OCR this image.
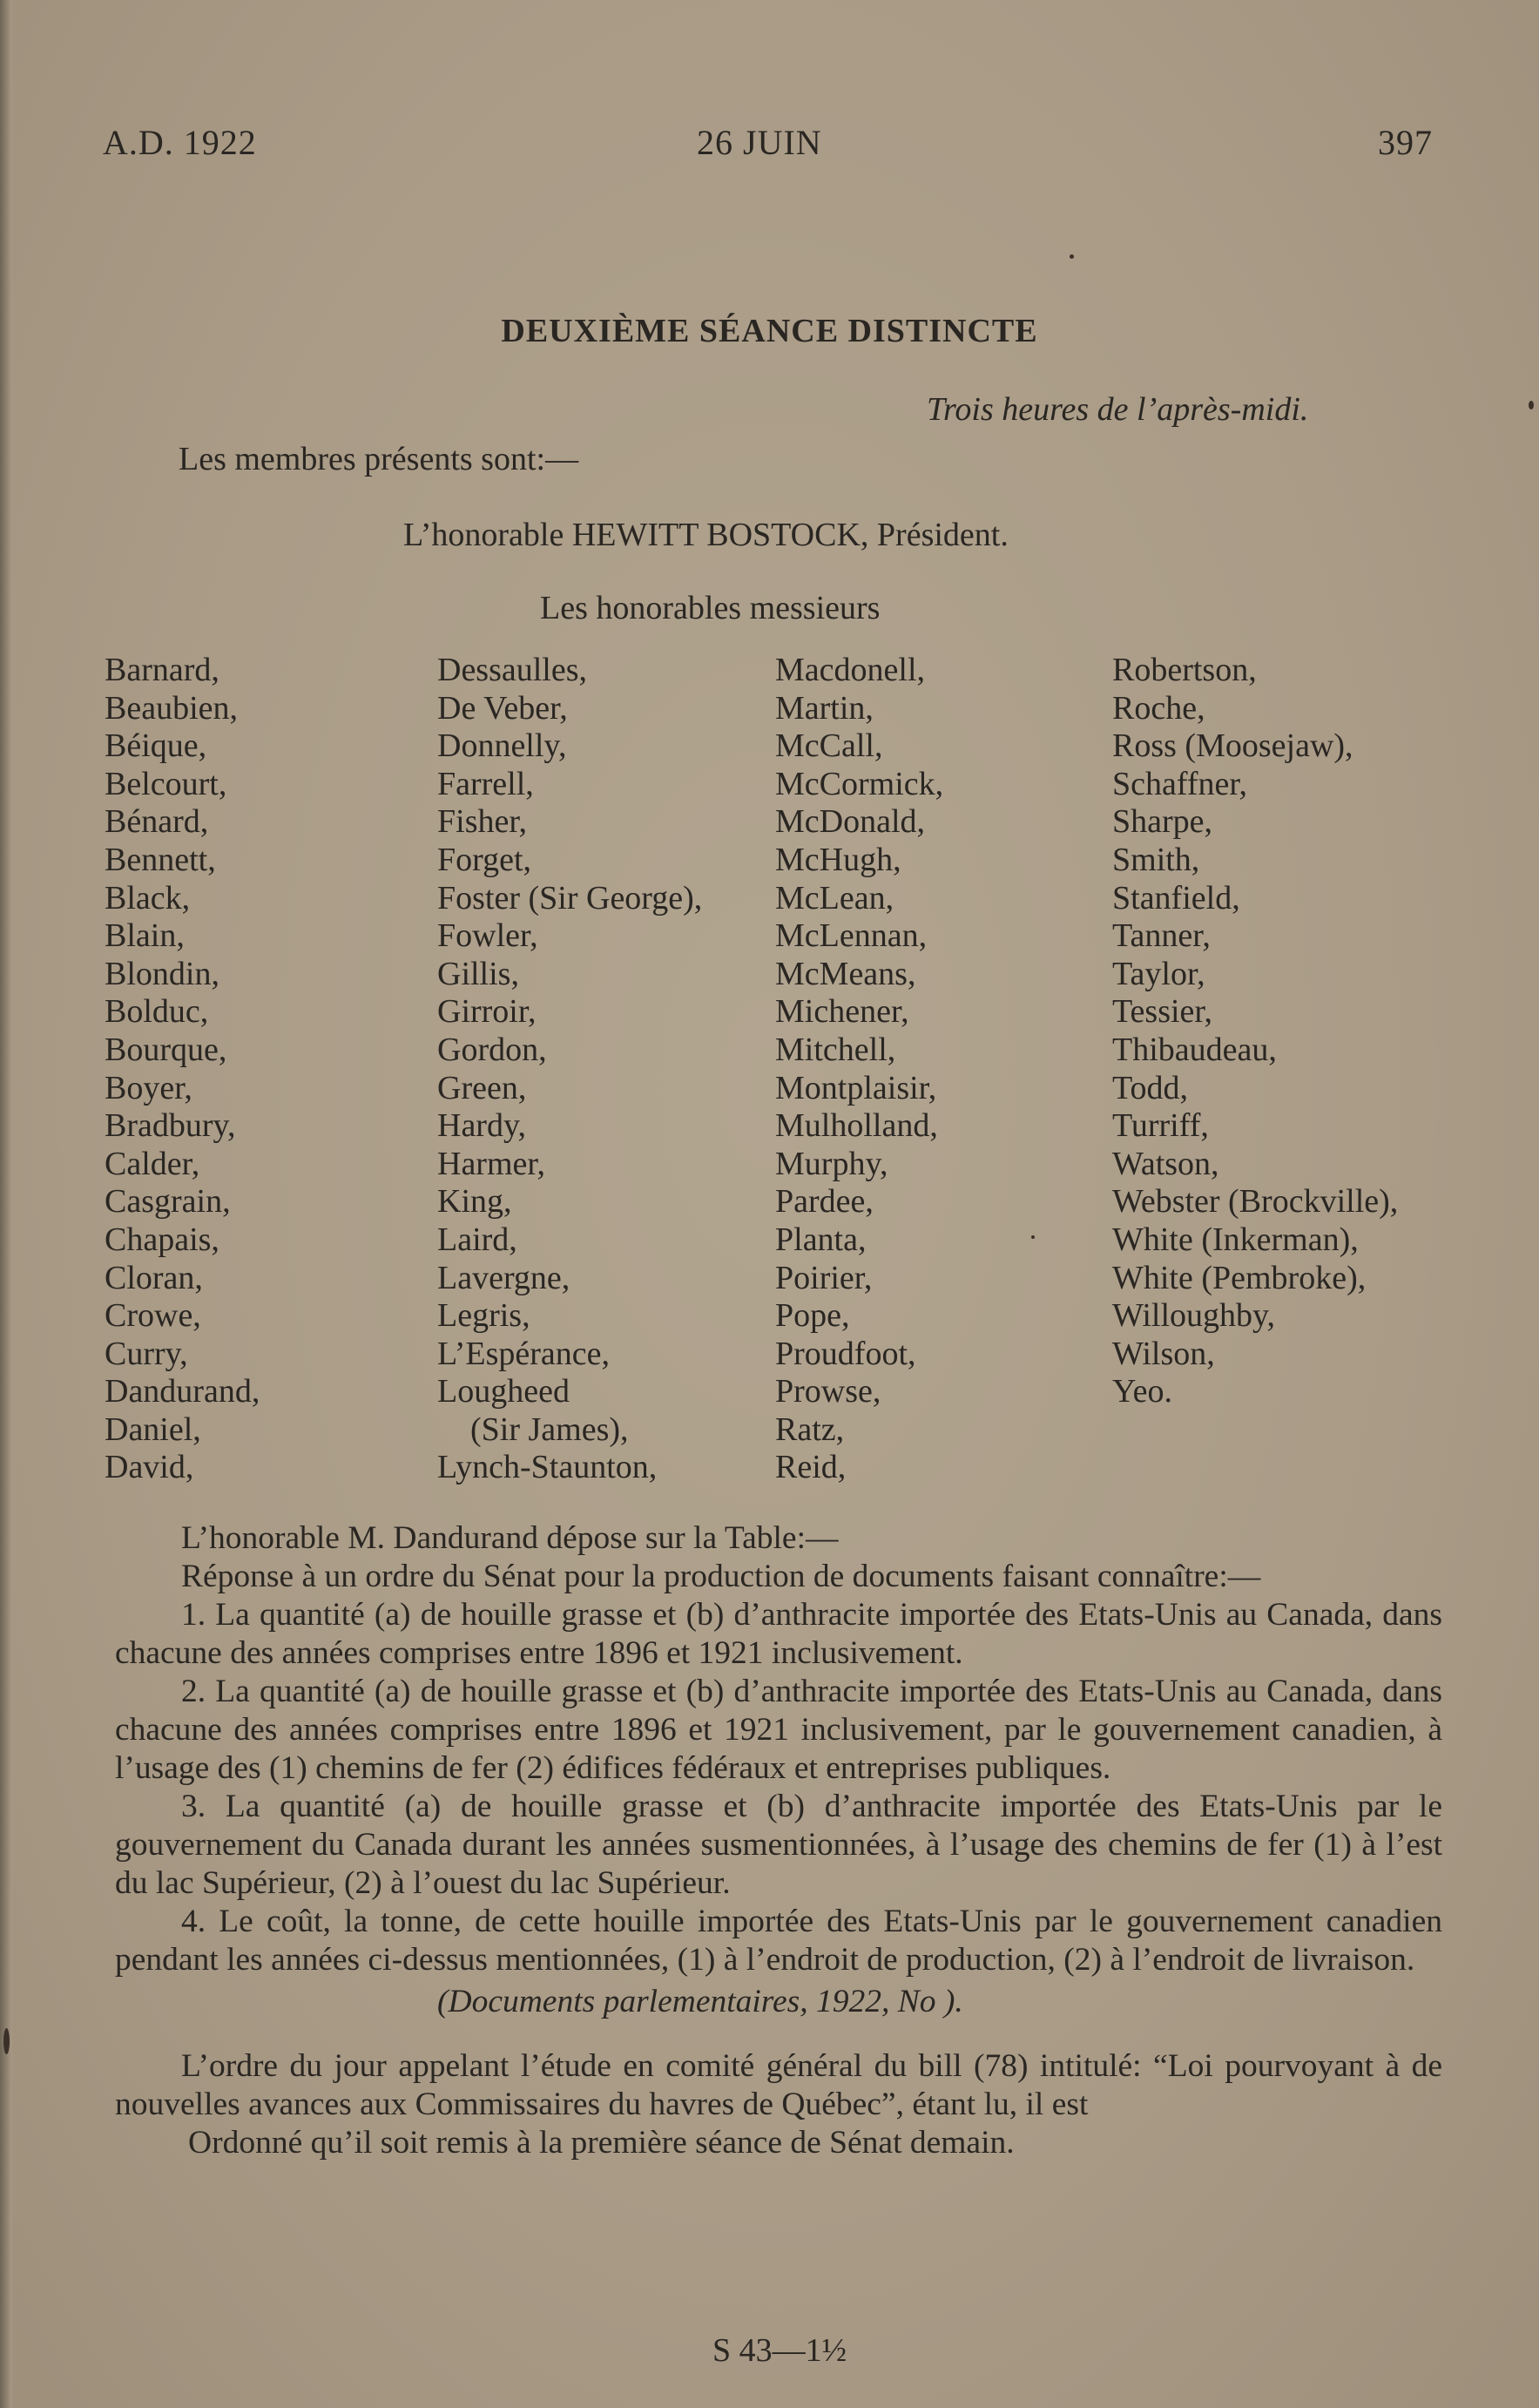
A.D. 1922	26 JUIN	397
DEUXIÈME SÉANCE DISTINCTE
Trois heures de l’après-midi.
Les membres présents sont:—
L’honorable HEWITT BOSTOCK, Président.
Les honorables messieurs
Barnard,
Beaubien,
Béique,
Belcourt,
Bénard,
Bennett,
Black,
Blain,
Blondin,
Bolduc,
Bourque,
Boyer,
Bradbury,
Calder,
Casgrain,
Chapais,
Cloran,
Crowe,
Curry,
Dandurand,
Daniel,
David,
Dessaulles,
De Veber,
Donnelly,
Farrell,
Fisher,
Forget,
Foster (Sir George),
Fowler,
Gillis,
Girroir,
Gordon,
Green,
Hardy,
Harmer,
King,
Laird,
Lavergne,
Legris,
L’Espérance,
Lougheed
(Sir James),
Lynch-Staunton,
Macdonell,
Martin,
McCall,
McCormick,
McDonald,
McHugh,
McLean,
McLennan,
McMeans,
Michener,
Mitchell,
Montplaisir,
Mulholland,
Murphy,
Pardee,
Planta,
Poirier,
Pope,
Proudfoot,
Prowse,
Ratz,
Reid,
Robertson,
Roche,
Ross (Moosejaw),
Schaffner,
Sharpe,
Smith,
Stanfield,
Tanner,
Taylor,
Tessier,
Thibaudeau,
Todd,
Turriff,
Watson,
Webster (Brockville),
White (Inkerman),
White (Pembroke),
Willoughby,
Wilson,
Yeo.

L’honorable M. Dandurand dépose sur la Table:—

Réponse à un ordre du Sénat pour la production de documents faisant connaître:—

1. La quantité (a) de houille grasse et (b) d’anthracite importée des Etats-Unis au Canada, dans chacune des années comprises entre 1896 et 1921 inclusivement.

2. La quantité (a) de houille grasse et (b) d’anthracite importée des Etats-Unis au Canada, dans chacune des années comprises entre 1896 et 1921 inclusivement, par le gouvernement canadien, à l’usage des (1) chemins de fer (2) édifices fédéraux et entreprises publiques.

3. La quantité (a) de houille grasse et (b) d’anthracite importée des Etats-Unis par le gouvernement du Canada durant les années susmentionnées, à l’usage des chemins de fer (1) à l’est du lac Supérieur, (2) à l’ouest du lac Supérieur.

4. Le coût, la tonne, de cette houille importée des Etats-Unis par le gouvernement canadien pendant les années ci-dessus mentionnées, (1) à l’endroit de production, (2) à l’endroit de livraison.

(Documents parlementaires, 1922, No ).

L’ordre du jour appelant l’étude en comité général du bill (78) intitulé: “Loi pourvoyant à de nouvelles avances aux Commissaires du havres de Québec”, étant lu, il est

Ordonné qu’il soit remis à la première séance de Sénat demain.

S 43—1½
